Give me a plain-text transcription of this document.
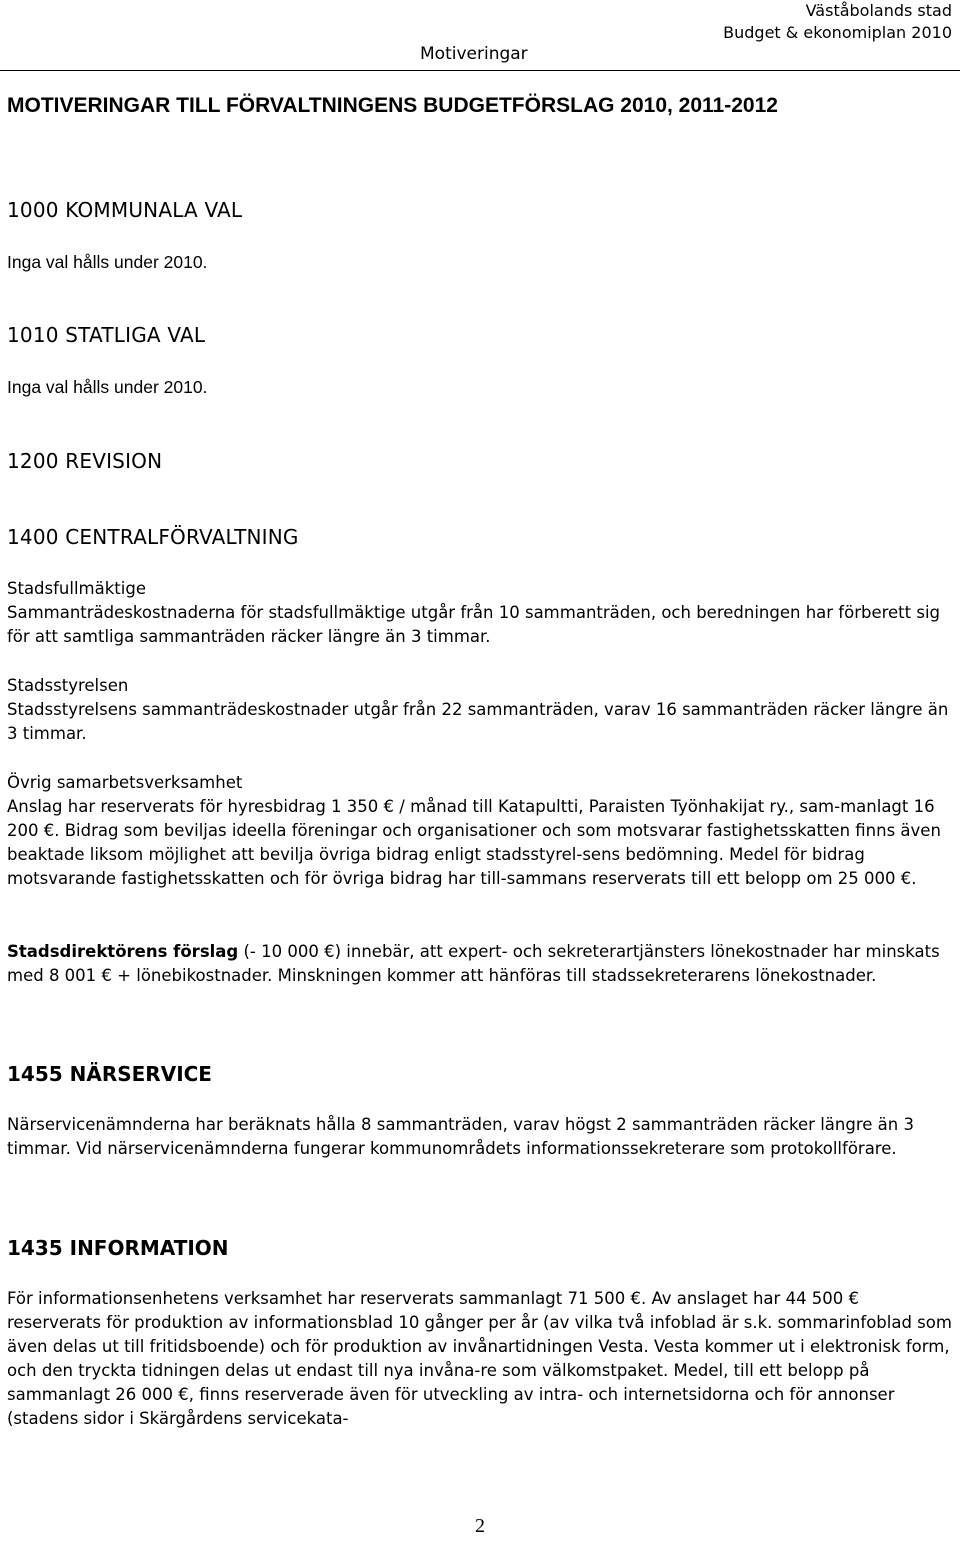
Väståbolands stad
Budget & ekonomiplan 2010
Motiveringar
MOTIVERINGAR TILL FÖRVALTNINGENS BUDGETFÖRSLAG 2010, 2011-2012
1000 KOMMUNALA VAL
Inga val hålls under 2010.
1010 STATLIGA VAL
Inga val hålls under 2010.
1200 REVISION
1400 CENTRALFÖRVALTNING
Stadsfullmäktige
Sammanträdeskostnaderna för stadsfullmäktige utgår från 10 sammanträden, och beredningen har förberett sig för att samtliga sammanträden räcker längre än 3 timmar.
Stadsstyrelsen
Stadsstyrelsens sammanträdeskostnader utgår från 22 sammanträden, varav 16 sammanträden räcker längre än 3 timmar.
Övrig samarbetsverksamhet
Anslag har reserverats för hyresbidrag 1 350 € / månad till Katapultti, Paraisten Työnhakijat ry., sam-manlagt 16 200 €. Bidrag som beviljas ideella föreningar och organisationer och som motsvarar fastighetsskatten finns även beaktade liksom möjlighet att bevilja övriga bidrag enligt stadsstyrel-sens bedömning. Medel för bidrag motsvarande fastighetsskatten och för övriga bidrag har till-sammans reserverats till ett belopp om 25 000 €.
Stadsdirektörens förslag (- 10 000 €) innebär, att expert- och sekreterartjänsters lönekostnader har minskats med 8 001 € + lönebikostnader. Minskningen kommer att hänföras till stadssekreterarens lönekostnader.
1455 NÄRSERVICE
Närservicenämnderna har beräknats hålla 8 sammanträden, varav högst 2 sammanträden räcker längre än 3 timmar. Vid närservicenämnderna fungerar kommunområdets informationssekreterare som protokollförare.
1435 INFORMATION
För informationsenhetens verksamhet har reserverats sammanlagt 71 500 €. Av anslaget har 44 500 € reserverats för produktion av informationsblad 10 gånger per år (av vilka två infoblad är s.k. sommarinfoblad som även delas ut till fritidsboende) och för produktion av invånartidningen Vesta. Vesta kommer ut i elektronisk form, och den tryckta tidningen delas ut endast till nya invåna-re som välkomstpaket. Medel, till ett belopp på sammanlagt 26 000 €, finns reserverade även för utveckling av intra- och internetsidorna och för annonser (stadens sidor i Skärgårdens servicekata-
2
